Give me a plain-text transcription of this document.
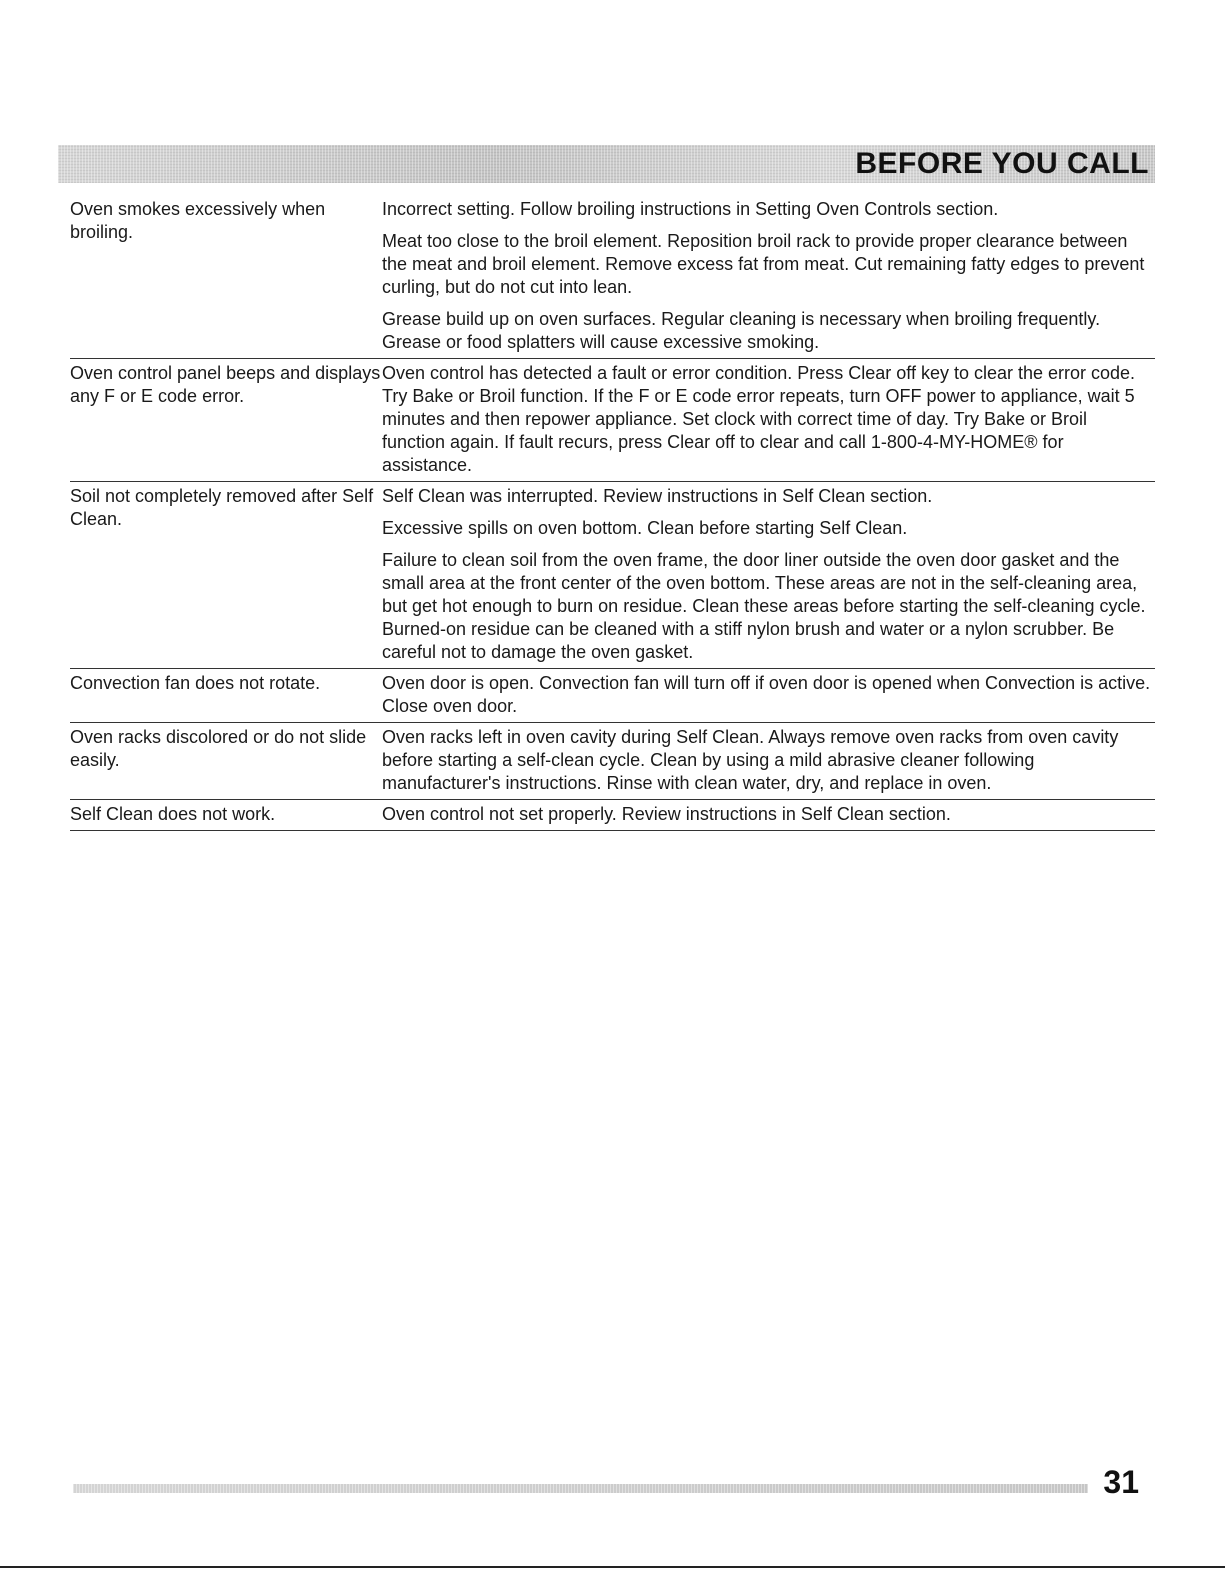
BEFORE YOU CALL
Oven smokes excessively when broiling.

Incorrect setting. Follow broiling instructions in Setting Oven Controls section.

Meat too close to the broil element. Reposition broil rack to provide proper clearance between the meat and broil element. Remove excess fat from meat. Cut remaining fatty edges to prevent curling, but do not cut into lean.

Grease build up on oven surfaces. Regular cleaning is necessary when broiling frequently. Grease or food splatters will cause excessive smoking.

Oven control panel beeps and displays any F or E code error.

Oven control has detected a fault or error condition. Press Clear off key to clear the error code. Try Bake or Broil function. If the F or E code error repeats, turn OFF power to appliance, wait 5 minutes and then repower appliance. Set clock with correct time of day. Try Bake or Broil function again. If fault recurs, press Clear off to clear and call 1-800-4-MY-HOME® for assistance.

Soil not completely removed after Self Clean.

Self Clean was interrupted. Review instructions in Self Clean section.

Excessive spills on oven bottom. Clean before starting Self Clean.

Failure to clean soil from the oven frame, the door liner outside the oven door gasket and the small area at the front center of the oven bottom. These areas are not in the self-cleaning area, but get hot enough to burn on residue. Clean these areas before starting the self-cleaning cycle. Burned-on residue can be cleaned with a stiff nylon brush and water or a nylon scrubber. Be careful not to damage the oven gasket.

Convection fan does not rotate.	Oven door is open. Convection fan will turn off if oven door is opened when Convection is active. Close oven door.

Oven racks discolored or do not slide easily.

Oven racks left in oven cavity during Self Clean. Always remove oven racks from oven cavity before starting a self-clean cycle. Clean by using a mild abrasive cleaner following manufacturer's instructions. Rinse with clean water, dry, and replace in oven.

Self Clean does not work.	Oven control not set properly. Review instructions in Self Clean section.

31
